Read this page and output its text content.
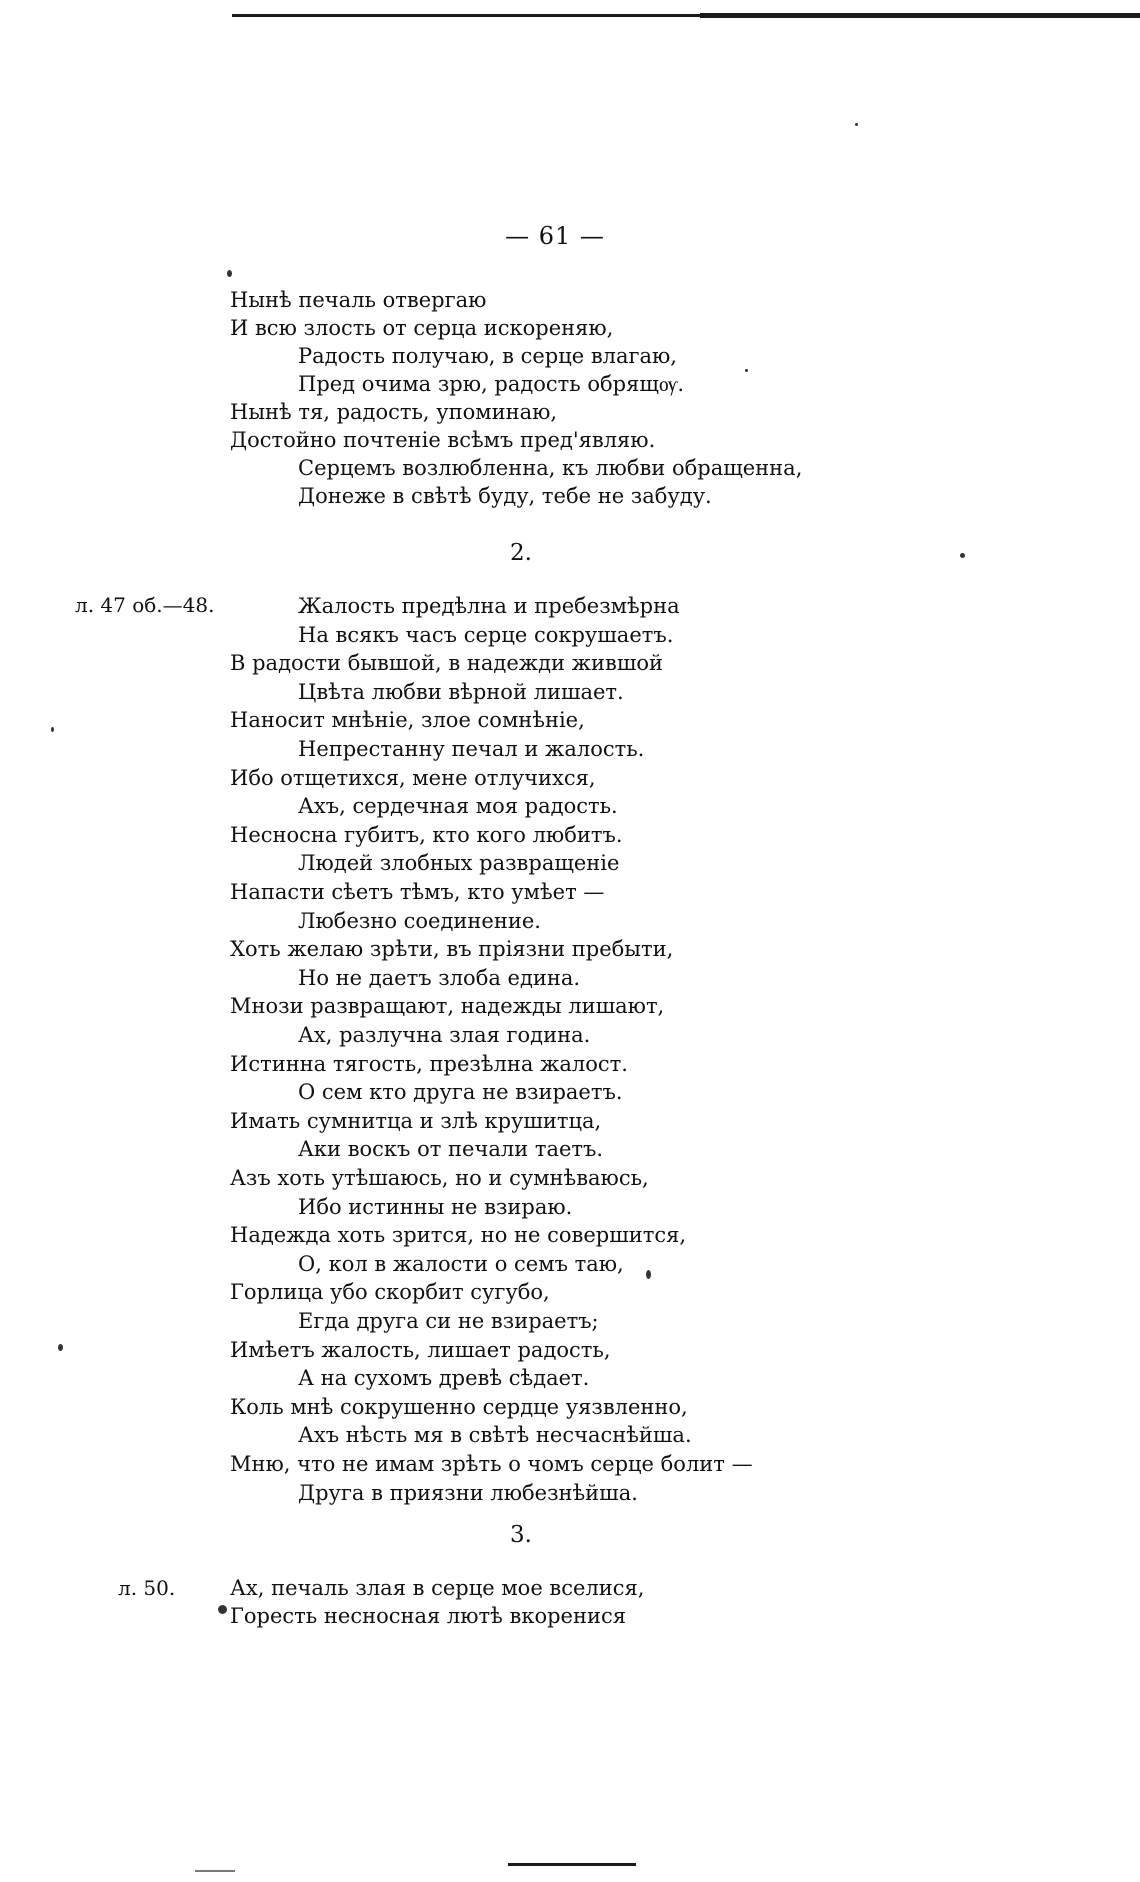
— 61 —
Нынѣ печаль отвергаю
И всю злость от серца искореняю,
Радость получаю, в серце влагаю,
Пред очима зрю, радость обрящѹ.
Нынѣ тя, радость, упоминаю,
Достойно почтеніе всѣмъ пред'являю.
Серцемъ возлюбленна, къ любви обращенна,
Донеже в свѣтѣ буду, тебе не забуду.
2.
л. 47 об.—48.	Жалость предѣлна и пребезмѣрна
На всякъ часъ серце сокрушаетъ.
В радости бывшой, в надежди живш​ой
Цвѣта любви вѣрной лишает.
Наносит мнѣніе, злое сомнѣніе,
Непрестанну печал и жалость.
Ибо отщетихся, мене отлучихся,
Ахъ, сердечная моя радость.
Несносна губитъ, кто кого любитъ.
Людей злобных развращеніе
Напасти сѣетъ тѣмъ, кто умѣет —
Любезно соединение.
Хоть желаю зрѣти, въ пріязни пребыти,
Но не даетъ злоба едина.
Мнози развращают, надежды лишают,
Ах, разлучна злая година.
Истинна тягость, презѣлна жалост.
О сем кто друга не взираетъ.
Имать сумнитца и злѣ крушитца,
Аки воскъ от печали таетъ.
Азъ хоть утѣшаюсь, но и сумнѣваюсь,
Ибо истинны не взираю.
Надежда хоть зрится, но не совершится,
О, кол в жалости о семъ таю,
Горлица убо скорбит сугубо,
Егда друга си не взираетъ;
Имѣетъ жалость, лишает радость,
А на сухомъ древѣ сѣдает.
Коль мнѣ сокрушенно сердце уязвленно,
Ахъ нѣсть мя в свѣтѣ несчаснѣйша.
Мню, что не имам зрѣть о чомъ серце болит —
Друга в приязни любезнѣйша.
3.
л. 50.	Ах, печаль злая в серце мое вселися,
Горесть несносная лютѣ вкоренися
